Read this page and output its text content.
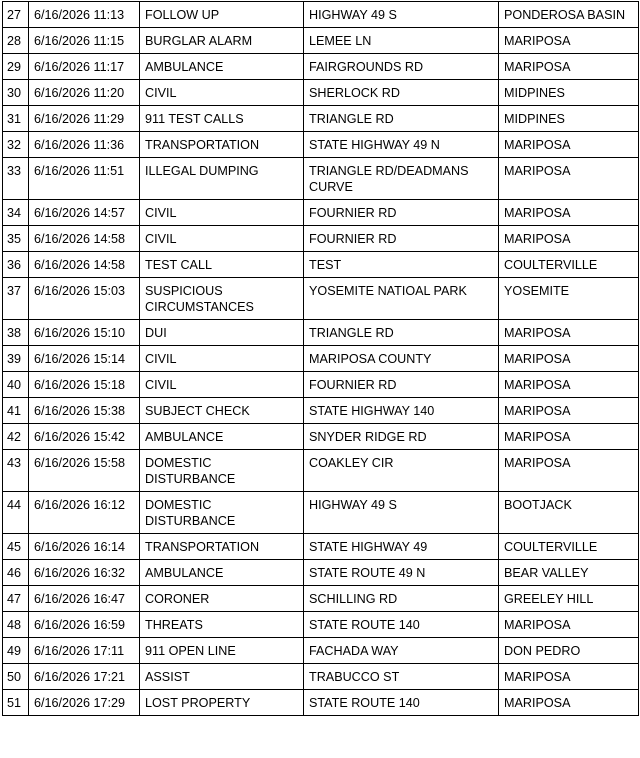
27	6/16/2026 11:13	FOLLOW UP	HIGHWAY 49 S	PONDEROSA BASIN
28	6/16/2026 11:15	BURGLAR ALARM	LEMEE LN	MARIPOSA
29	6/16/2026 11:17	AMBULANCE	FAIRGROUNDS RD	MARIPOSA
30	6/16/2026 11:20	CIVIL	SHERLOCK RD	MIDPINES
31	6/16/2026 11:29	911 TEST CALLS	TRIANGLE RD	MIDPINES
32	6/16/2026 11:36	TRANSPORTATION	STATE HIGHWAY 49 N	MARIPOSA
33	6/16/2026 11:51	ILLEGAL DUMPING	TRIANGLE RD/DEADMANS CURVE	MARIPOSA
34	6/16/2026 14:57	CIVIL	FOURNIER RD	MARIPOSA
35	6/16/2026 14:58	CIVIL	FOURNIER RD	MARIPOSA
36	6/16/2026 14:58	TEST CALL	TEST	COULTERVILLE
37	6/16/2026 15:03	SUSPICIOUS CIRCUMSTANCES	YOSEMITE NATIOAL PARK	YOSEMITE
38	6/16/2026 15:10	DUI	TRIANGLE RD	MARIPOSA
39	6/16/2026 15:14	CIVIL	MARIPOSA COUNTY	MARIPOSA
40	6/16/2026 15:18	CIVIL	FOURNIER RD	MARIPOSA
41	6/16/2026 15:38	SUBJECT CHECK	STATE HIGHWAY 140	MARIPOSA
42	6/16/2026 15:42	AMBULANCE	SNYDER RIDGE RD	MARIPOSA
43	6/16/2026 15:58	DOMESTIC DISTURBANCE	COAKLEY CIR	MARIPOSA
44	6/16/2026 16:12	DOMESTIC DISTURBANCE	HIGHWAY 49 S	BOOTJACK
45	6/16/2026 16:14	TRANSPORTATION	STATE HIGHWAY 49	COULTERVILLE
46	6/16/2026 16:32	AMBULANCE	STATE ROUTE 49 N	BEAR VALLEY
47	6/16/2026 16:47	CORONER	SCHILLING RD	GREELEY HILL
48	6/16/2026 16:59	THREATS	STATE ROUTE 140	MARIPOSA
49	6/16/2026 17:11	911 OPEN LINE	FACHADA WAY	DON PEDRO
50	6/16/2026 17:21	ASSIST	TRABUCCO ST	MARIPOSA
51	6/16/2026 17:29	LOST PROPERTY	STATE ROUTE 140	MARIPOSA
